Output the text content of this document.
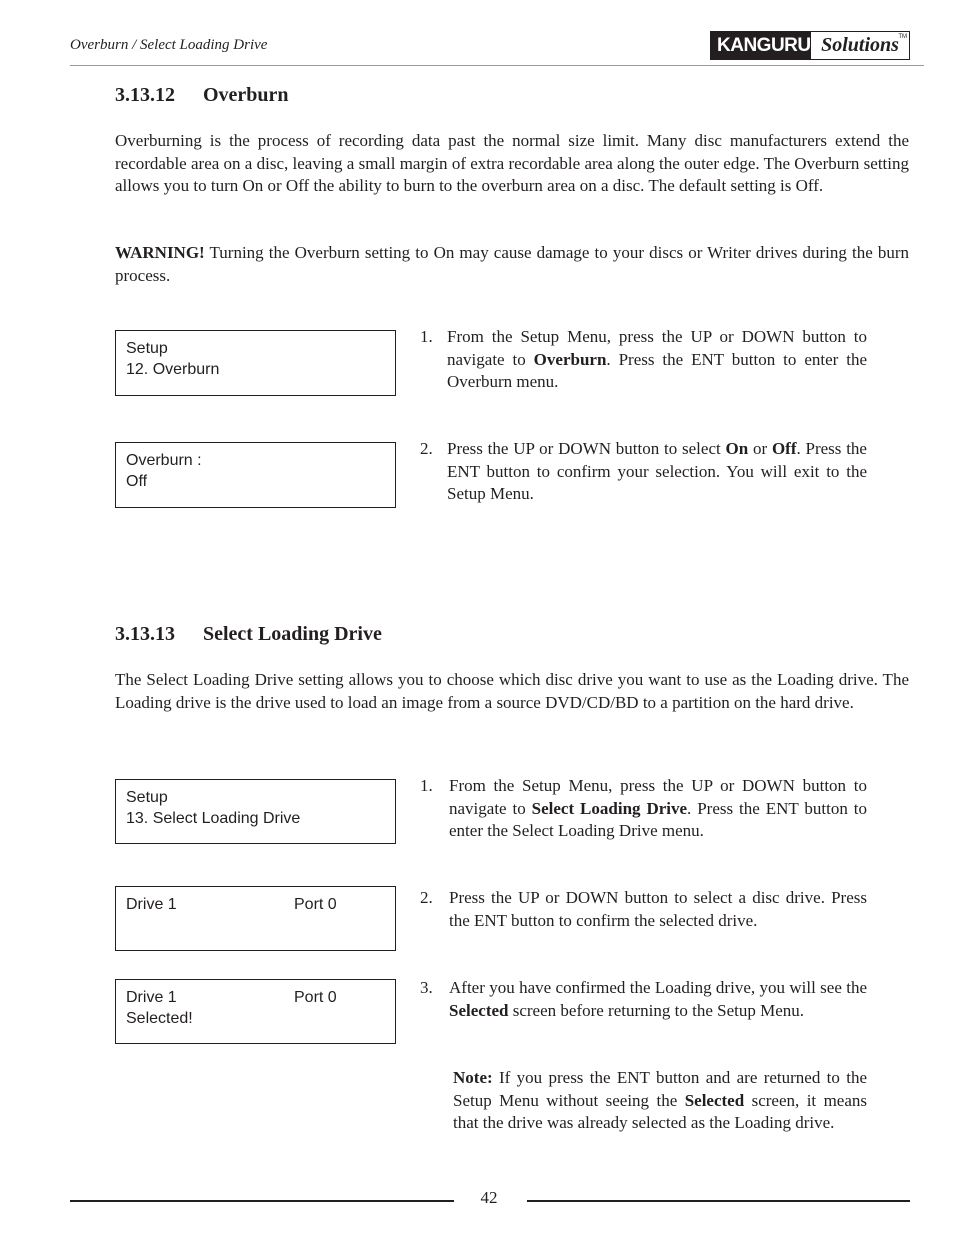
Overburn / Select Loading Drive	KANGURU Solutions TM
3.13.12 Overburn

Overburning is the process of recording data past the normal size limit. Many disc manufacturers extend the recordable area on a disc, leaving a small margin of extra recordable area along the outer edge. The Overburn setting allows you to turn On or Off the ability to burn to the overburn area on a disc. The default setting is Off.

WARNING! Turning the Overburn setting to On may cause damage to your discs or Writer drives during the burn process.

Setup
12. Overburn
1. From the Setup Menu, press the UP or DOWN button to navigate to Overburn. Press the ENT button to enter the Overburn menu.
Overburn :
Off
2. Press the UP or DOWN button to select On or Off. Press the ENT button to confirm your selection. You will exit to the Setup Menu.
3.13.13 Select Loading Drive

The Select Loading Drive setting allows you to choose which disc drive you want to use as the Loading drive. The Loading drive is the drive used to load an image from a source DVD/CD/BD to a partition on the hard drive.

Setup
13. Select Loading Drive
1. From the Setup Menu, press the UP or DOWN button to navigate to Select Loading Drive. Press the ENT button to enter the Select Loading Drive menu.
Drive 1	Port 0	2. Press the UP or DOWN button to select a disc drive. Press the ENT button to confirm the selected drive.
Drive 1	Port 0
Selected!
3. After you have confirmed the Loading drive, you will see the Selected screen before returning to the Setup Menu.
Note: If you press the ENT button and are returned to the Setup Menu without seeing the Selected screen, it means that the drive was already selected as the Loading drive.
42
